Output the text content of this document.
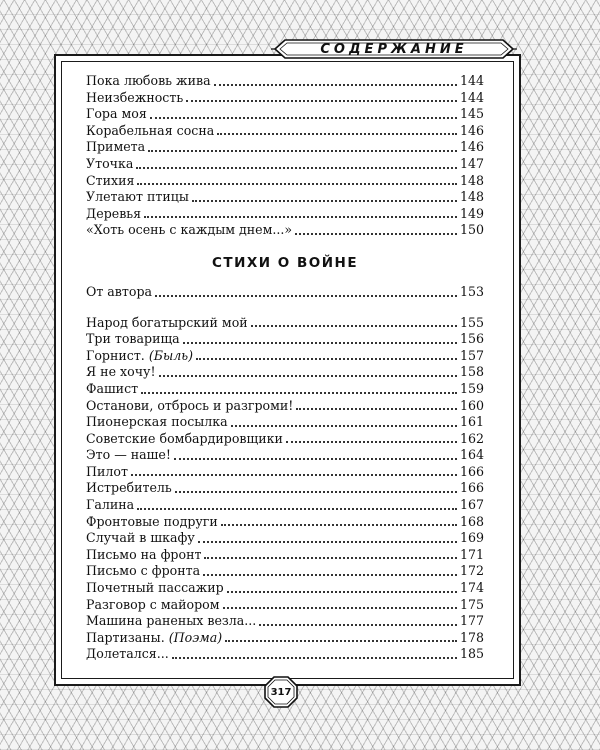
СОДЕРЖАНИЕ
Пока любовь жива	144
Неизбежность	144
Гора моя	145
Корабельная сосна	146
Примета	146
Уточка	147
Стихия	148
Улетают птицы	148
Деревья	149
«Хоть осень с каждым днем...»	150
СТИХИ О ВОЙНЕ
От автора	153
Народ богатырский мой	155
Три товарища	156
Горнист. (Быль)	157
Я не хочу!	158
Фашист	159
Останови, отбрось и разгроми!	160
Пионерская посылка	161
Советские бомбардировщики	162
Это — наше!	164
Пилот	166
Истребитель	166
Галина	167
Фронтовые подруги	168
Случай в шкафу	169
Письмо на фронт	171
Письмо с фронта	172
Почетный пассажир	174
Разговор с майором	175
Машина раненых везла...	177
Партизаны. (Поэма)	178
Долетался...	185
317
